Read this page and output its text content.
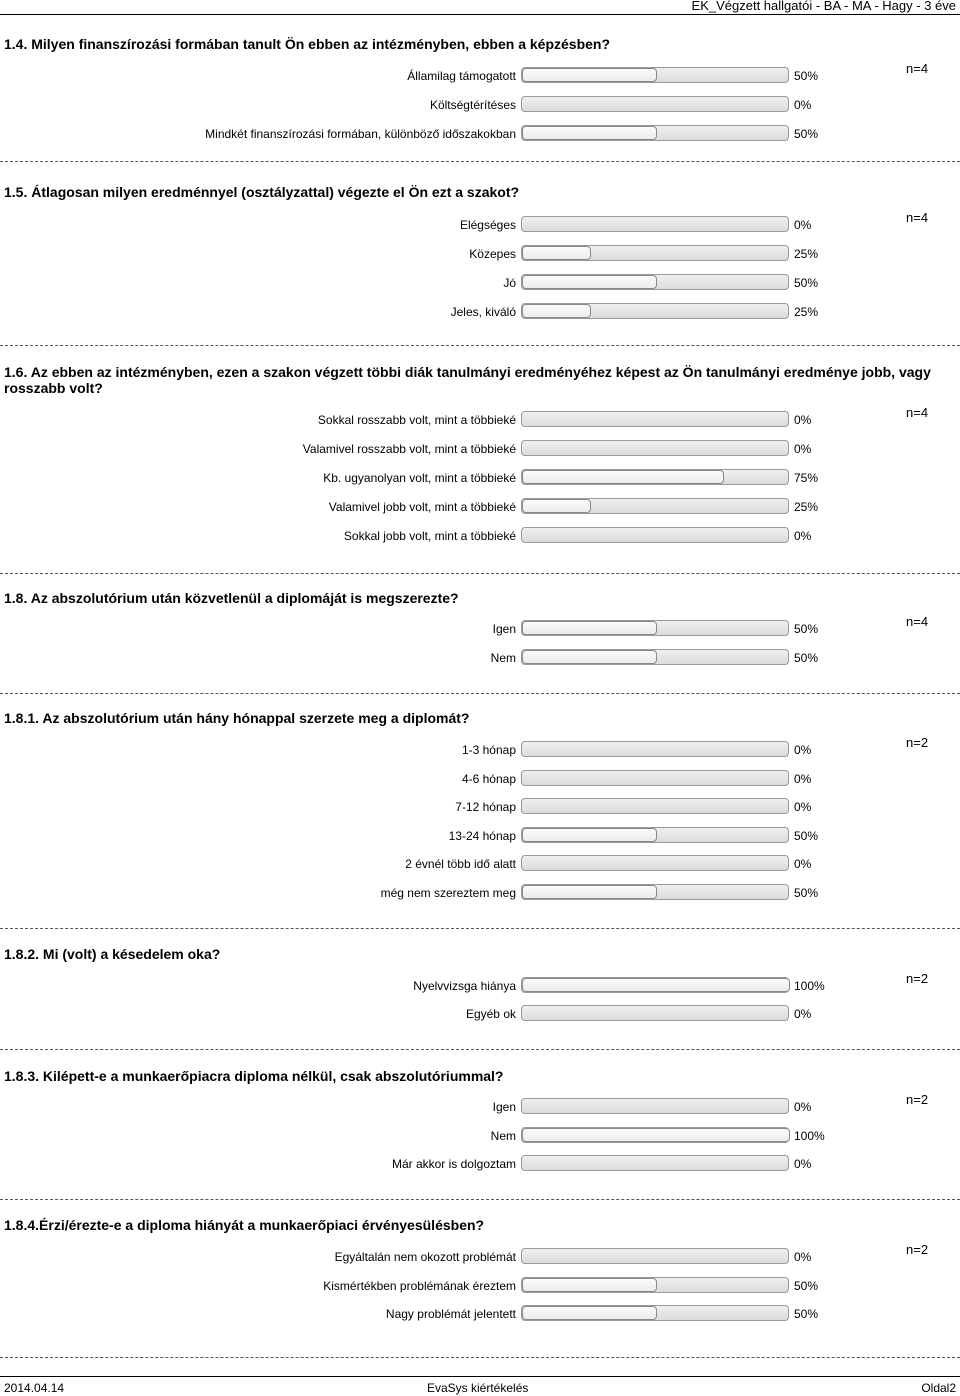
EK_Végzett hallgatói - BA - MA - Hagy - 3 éve

1.4. Milyen finanszírozási formában tanult Ön ebben az intézményben, ebben a képzésben?

n=4
Államilag támogatott	50%
Költségtérítéses	0%
Mindkét finanszírozási formában, különböző időszakokban	50%

1.5. Átlagosan milyen eredménnyel (osztályzattal) végezte el Ön ezt a szakot?

n=4
Elégséges	0%
Közepes	25%
Jó	50%
Jeles, kiváló	25%

1.6. Az ebben az intézményben, ezen a szakon végzett többi diák tanulmányi eredményéhez képest az Ön tanulmányi eredménye jobb, vagy rosszabb volt?

n=4
Sokkal rosszabb volt, mint a többieké	0%
Valamivel rosszabb volt, mint a többieké	0%
Kb. ugyanolyan volt, mint a többieké	75%
Valamivel jobb volt, mint a többieké	25%
Sokkal jobb volt, mint a többieké	0%

1.8. Az abszolutórium után közvetlenül a diplomáját is megszerezte?

n=4
Igen	50%
Nem	50%

1.8.1. Az abszolutórium után hány hónappal szerzete meg a diplomát?

n=2
1-3 hónap	0%
4-6 hónap	0%
7-12 hónap	0%
13-24 hónap	50%
2 évnél több idő alatt	0%
még nem szereztem meg	50%

1.8.2. Mi (volt) a késedelem oka?

n=2
Nyelvvizsga hiánya	100%
Egyéb ok	0%

1.8.3. Kilépett-e a munkaerőpiacra diploma nélkül, csak abszolutóriummal?

n=2
Igen	0%
Nem	100%
Már akkor is dolgoztam	0%

1.8.4.Érzi/érezte-e a diploma hiányát a munkaerőpiaci érvényesülésben?

n=2
Egyáltalán nem okozott problémát	0%
Kismértékben problémának éreztem	50%
Nagy problémát jelentett	50%
2014.04.14	EvaSys kiértékelés	Oldal2
